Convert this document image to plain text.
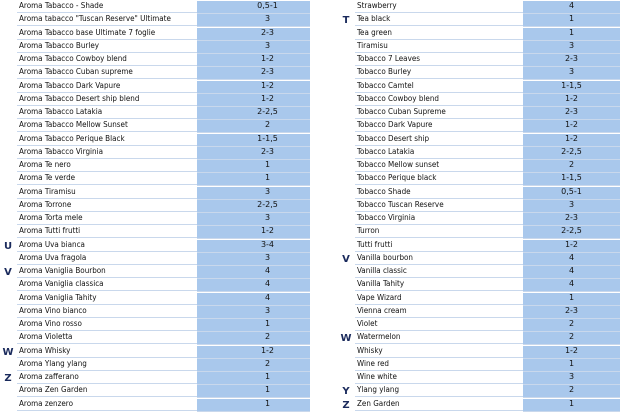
Aroma Tabacco - Shade	0,5-1
Aroma tabacco "Tuscan Reserve" Ultimate	3
Aroma Tabacco base Ultimate 7 foglie	2-3
Aroma Tabacco Burley	3
Aroma Tabacco Cowboy blend	1-2
Aroma Tabacco Cuban supreme	2-3
Aroma Tabacco Dark Vapure	1-2
Aroma Tabacco Desert ship blend	1-2
Aroma Tabacco Latakia	2-2,5
Aroma Tabacco Mellow Sunset	2
Aroma Tabacco Perique Black	1-1,5
Aroma Tabacco Virginia	2-3
Aroma Te nero	1
Aroma Te verde	1
Aroma Tiramisu	3
Aroma Torrone	2-2,5
Aroma Torta mele	3
Aroma Tutti frutti	1-2
U Aroma Uva bianca	3-4
Aroma Uva fragola	3
V Aroma Vaniglia Bourbon	4
Aroma Vaniglia classica	4
Aroma Vaniglia Tahity	4
Aroma Vino bianco	3
Aroma Vino rosso	1
Aroma Violetta	2
W Aroma Whisky	1-2
Aroma Ylang ylang	2
Z Aroma zafferano	1
Aroma Zen Garden	1
Aroma zenzero	1
Strawberry	4
T Tea black	1
Tea green	1
Tiramisu	3
Tobacco 7 Leaves	2-3
Tobacco Burley	3
Tobacco Camtel	1-1,5
Tobacco Cowboy blend	1-2
Tobacco Cuban Supreme	2-3
Tobacco Dark Vapure	1-2
Tobacco Desert ship	1-2
Tobacco Latakia	2-2,5
Tobacco Mellow sunset	2
Tobacco Perique black	1-1,5
Tobacco Shade	0,5-1
Tobacco Tuscan Reserve	3
Tobacco Virginia	2-3
Turron	2-2,5
Tutti frutti	1-2
V Vanilla bourbon	4
Vanilla classic	4
Vanilla Tahity	4
Vape Wizard	1
Vienna cream	2-3
Violet	2
W Watermelon	2
Whisky	1-2
Wine red	1
Wine white	3
Y Ylang ylang	2
Z Zen Garden	1
